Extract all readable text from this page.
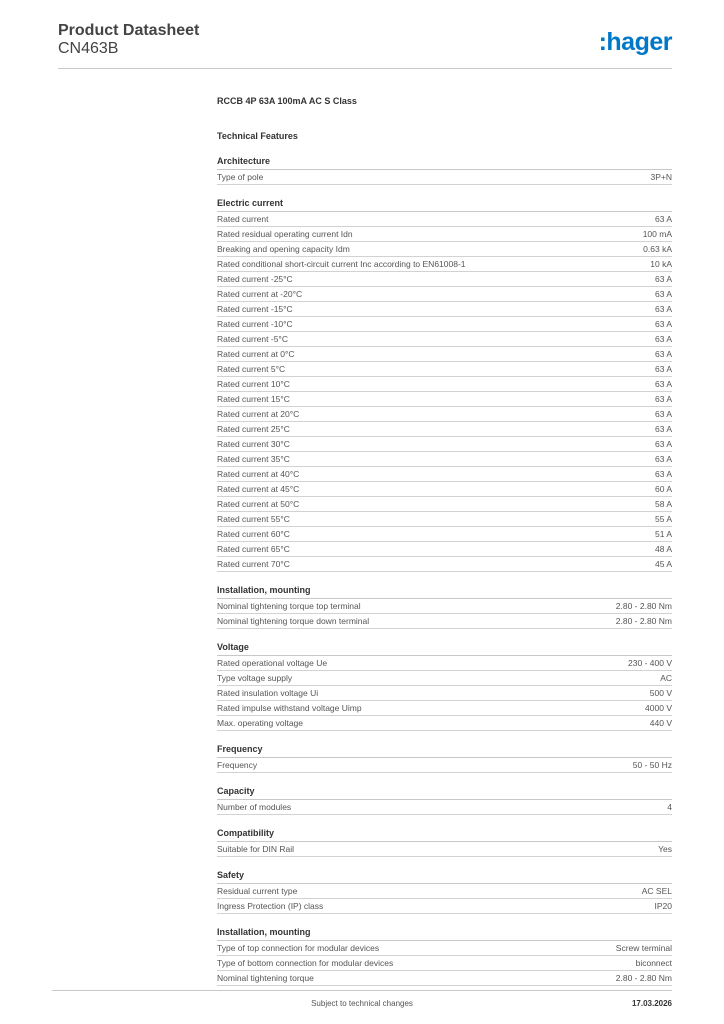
Product Datasheet
CN463B	:hager
RCCB 4P 63A 100mA AC S Class
Technical Features
Architecture
Type of pole	3P+N
Electric current
Rated current	63 A
Rated residual operating current Idn	100 mA
Breaking and opening capacity Idm	0.63 kA
Rated conditional short-circuit current Inc according to EN61008-1	10 kA
Rated current -25°C	63 A
Rated current at -20°C	63 A
Rated current -15°C	63 A
Rated current -10°C	63 A
Rated current -5°C	63 A
Rated current at 0°C	63 A
Rated current 5°C	63 A
Rated current 10°C	63 A
Rated current 15°C	63 A
Rated current at 20°C	63 A
Rated current 25°C	63 A
Rated current 30°C	63 A
Rated current 35°C	63 A
Rated current at 40°C	63 A
Rated current at 45°C	60 A
Rated current at 50°C	58 A
Rated current 55°C	55 A
Rated current 60°C	51 A
Rated current 65°C	48 A
Rated current 70°C	45 A
Installation, mounting
Nominal tightening torque top terminal	2.80 - 2.80 Nm
Nominal tightening torque down terminal	2.80 - 2.80 Nm
Voltage
Rated operational voltage Ue	230 - 400 V
Type voltage supply	AC
Rated insulation voltage Ui	500 V
Rated impulse withstand voltage Uimp	4000 V
Max. operating voltage	440 V
Frequency
Frequency	50 - 50 Hz
Capacity
Number of modules	4
Compatibility
Suitable for DIN Rail	Yes
Safety
Residual current type	AC SEL
Ingress Protection (IP) class	IP20
Installation, mounting
Type of top connection for modular devices	Screw terminal
Type of bottom connection for modular devices	biconnect
Nominal tightening torque	2.80 - 2.80 Nm
Subject to technical changes	17.03.2026
